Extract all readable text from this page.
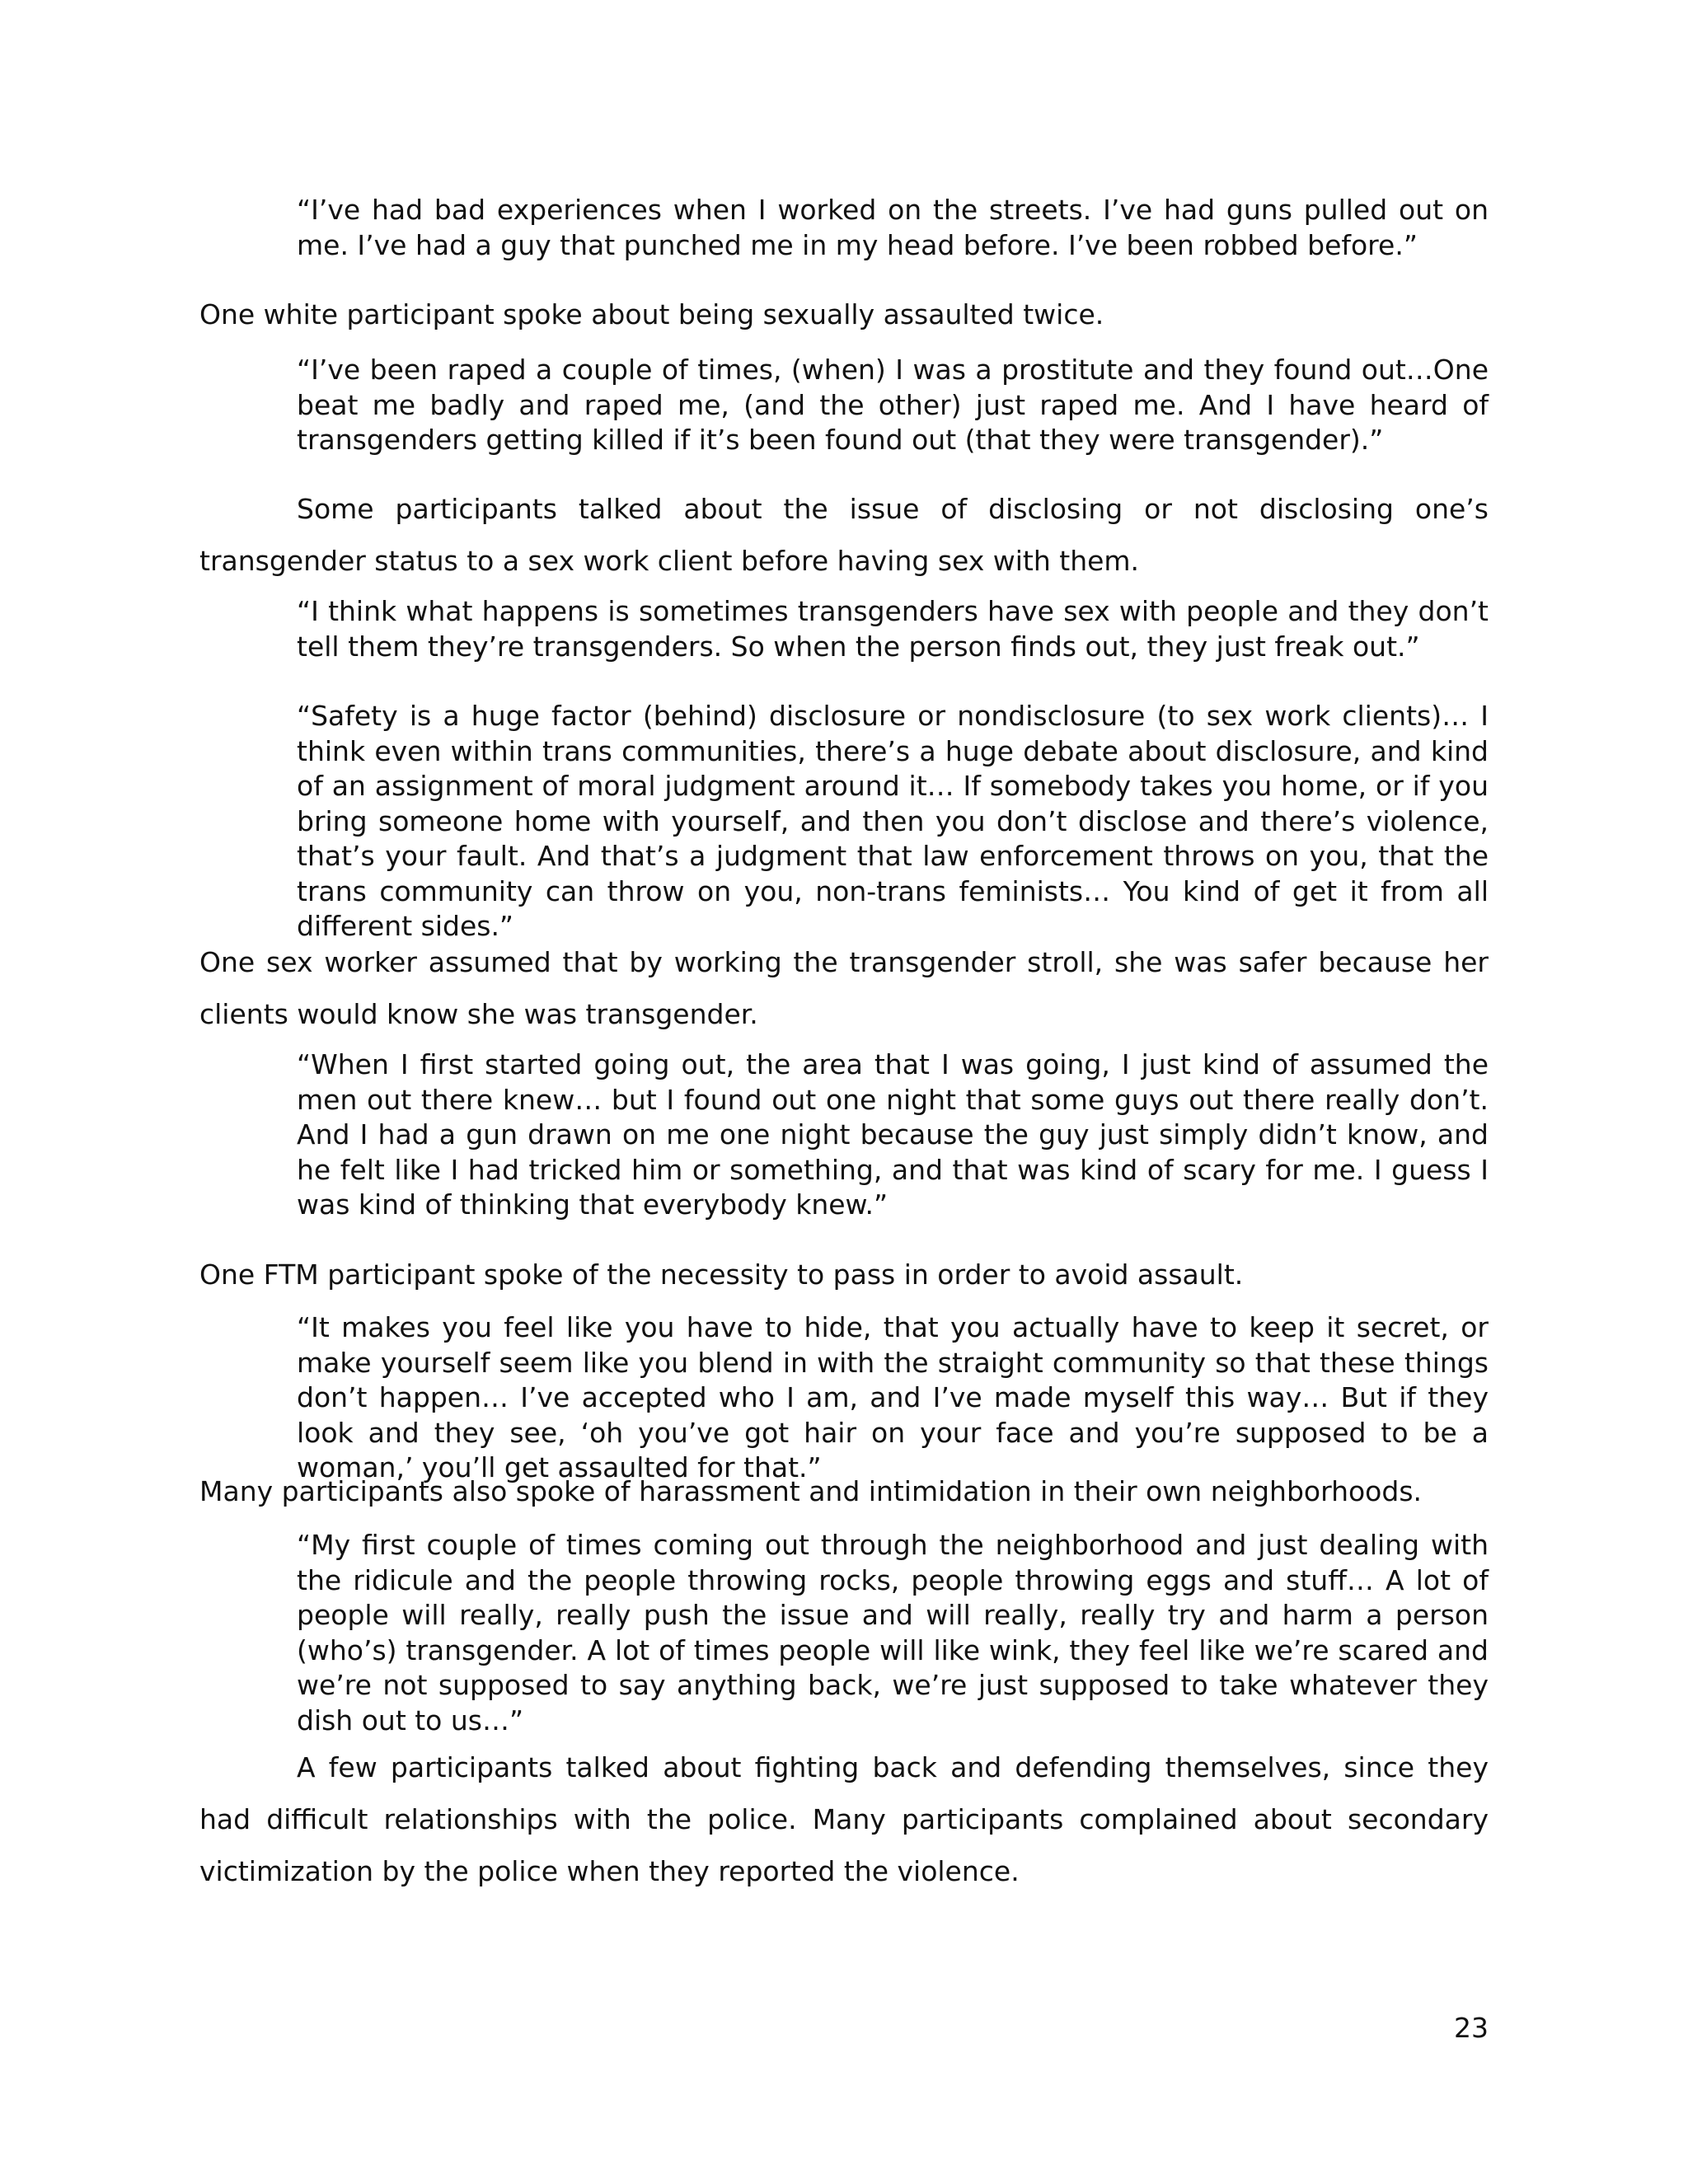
“I’ve had bad experiences when I worked on the streets. I’ve had guns pulled out on me. I’ve had a guy that punched me in my head before. I’ve been robbed before.”

One white participant spoke about being sexually assaulted twice.

“I’ve been raped a couple of times, (when) I was a prostitute and they found out…One beat me badly and raped me, (and the other) just raped me. And I have heard of transgenders getting killed if it’s been found out (that they were transgender).”

Some participants talked about the issue of disclosing or not disclosing one’s transgender status to a sex work client before having sex with them.

“I think what happens is sometimes transgenders have sex with people and they don’t tell them they’re transgenders. So when the person finds out, they just freak out.”

“Safety is a huge factor (behind) disclosure or nondisclosure (to sex work clients)… I think even within trans communities, there’s a huge debate about disclosure, and kind of an assignment of moral judgment around it… If somebody takes you home, or if you bring someone home with yourself, and then you don’t disclose and there’s violence, that’s your fault. And that’s a judgment that law enforcement throws on you, that the trans community can throw on you, non-trans feminists… You kind of get it from all different sides.”

One sex worker assumed that by working the transgender stroll, she was safer because her clients would know she was transgender.

“When I first started going out, the area that I was going, I just kind of assumed the men out there knew… but I found out one night that some guys out there really don’t. And I had a gun drawn on me one night because the guy just simply didn’t know, and he felt like I had tricked him or something, and that was kind of scary for me. I guess I was kind of thinking that everybody knew.”

One FTM participant spoke of the necessity to pass in order to avoid assault.

“It makes you feel like you have to hide, that you actually have to keep it secret, or make yourself seem like you blend in with the straight community so that these things don’t happen… I’ve accepted who I am, and I’ve made myself this way… But if they look and they see, ‘oh you’ve got hair on your face and you’re supposed to be a woman,’ you’ll get assaulted for that.”

Many participants also spoke of harassment and intimidation in their own neighborhoods.

“My first couple of times coming out through the neighborhood and just dealing with the ridicule and the people throwing rocks, people throwing eggs and stuff… A lot of people will really, really push the issue and will really, really try and harm a person (who’s) transgender. A lot of times people will like wink, they feel like we’re scared and we’re not supposed to say anything back, we’re just supposed to take whatever they dish out to us…”

A few participants talked about fighting back and defending themselves, since they had difficult relationships with the police. Many participants complained about secondary victimization by the police when they reported the violence.

23
